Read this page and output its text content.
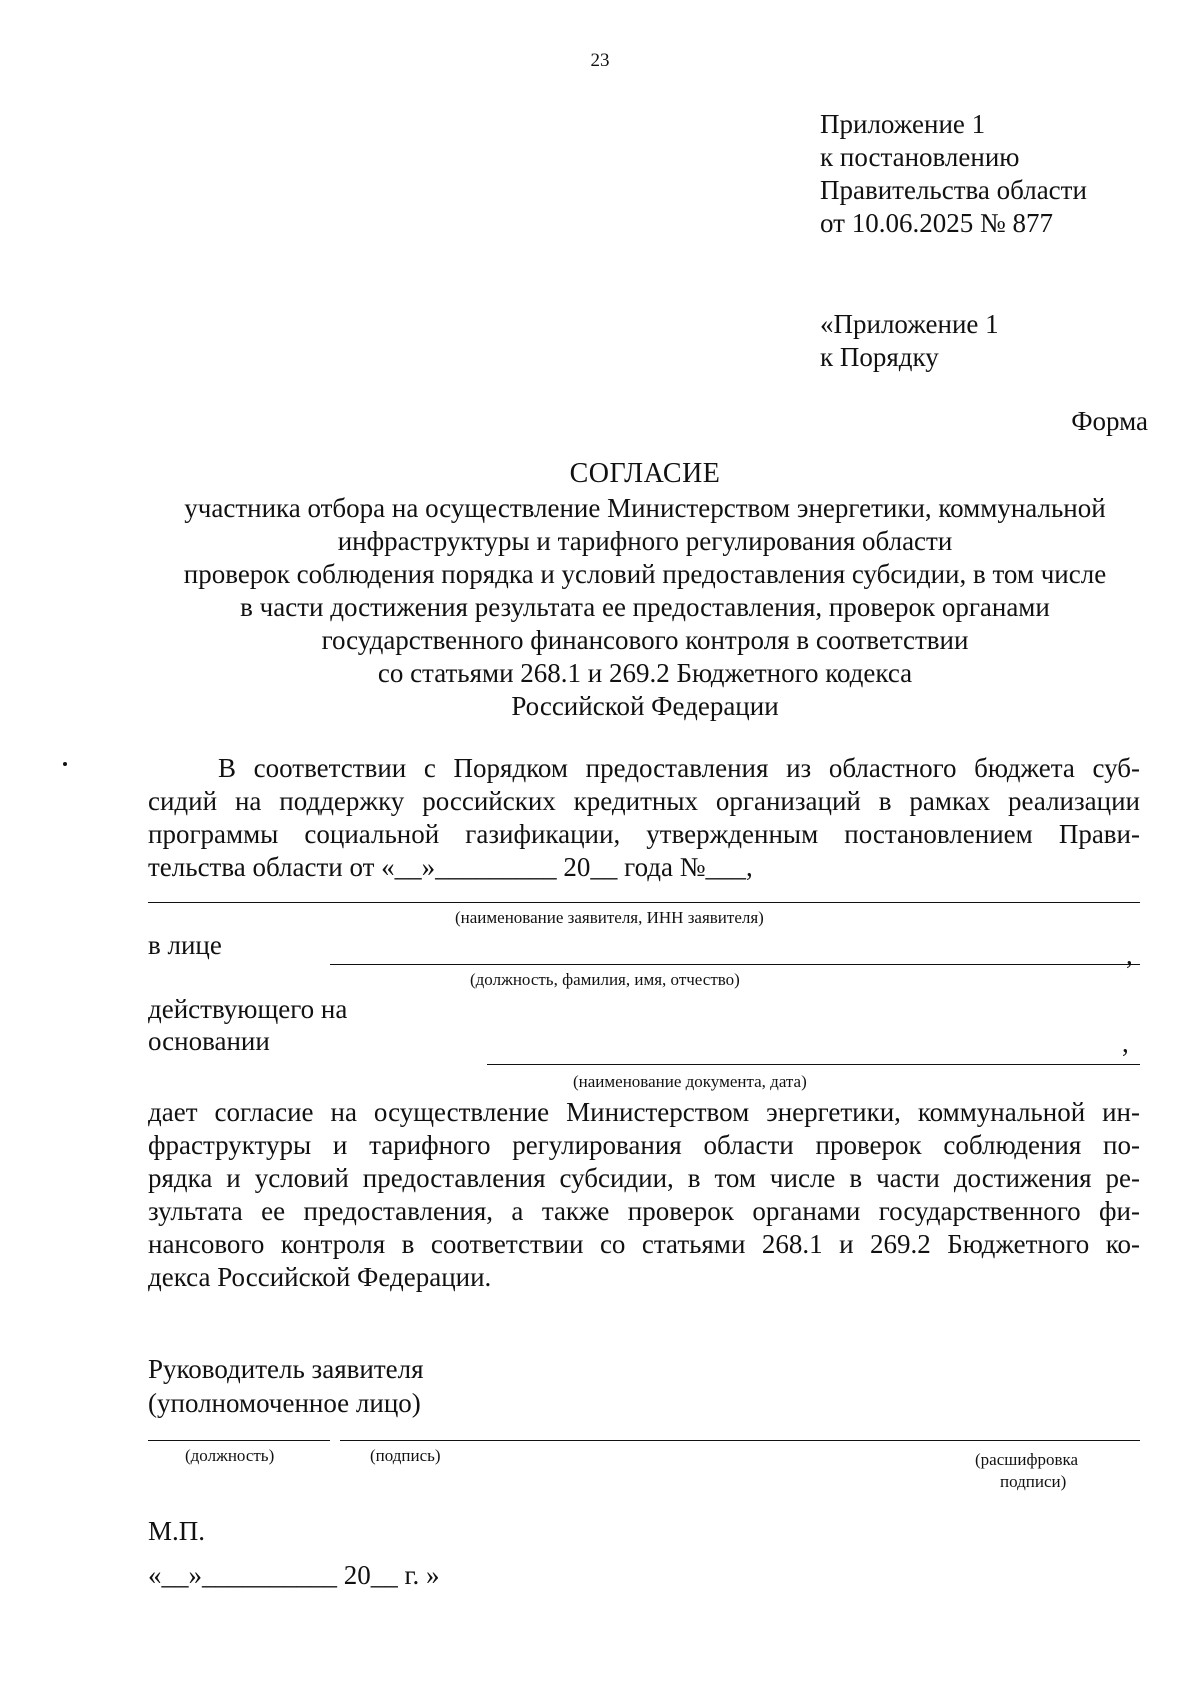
23
Приложение 1
к постановлению
Правительства области
от 10.06.2025 № 877
«Приложение 1
к Порядку
Форма
СОГЛАСИЕ
участника отбора на осуществление Министерством энергетики, коммунальной
инфраструктуры и тарифного регулирования области
проверок соблюдения порядка и условий предоставления субсидии, в том числе
в части достижения результата ее предоставления, проверок органами
государственного финансового контроля в соответствии
со статьями 268.1 и 269.2 Бюджетного кодекса
Российской Федерации
В соответствии с Порядком предоставления из областного бюджета суб-
сидий на поддержку российских кредитных организаций в рамках реализации
программы социальной газификации, утвержденным постановлением Прави-
тельства области от «__»_________ 20__ года №___,
(наименование заявителя, ИНН заявителя)
в лице	,
(должность, фамилия, имя, отчество)
действующего на
основании	,
(наименование документа, дата)
дает согласие на осуществление Министерством энергетики, коммунальной ин-
фраструктуры и тарифного регулирования области проверок соблюдения по-
рядка и условий предоставления субсидии, в том числе в части достижения ре-
зультата ее предоставления, а также проверок органами государственного фи-
нансового контроля в соответствии со статьями 268.1 и 269.2 Бюджетного ко-
декса Российской Федерации.
Руководитель заявителя
(уполномоченное лицо)
(должность)	(подпись)	(расшифровка
подписи)
М.П.
«__»__________ 20__ г. »
